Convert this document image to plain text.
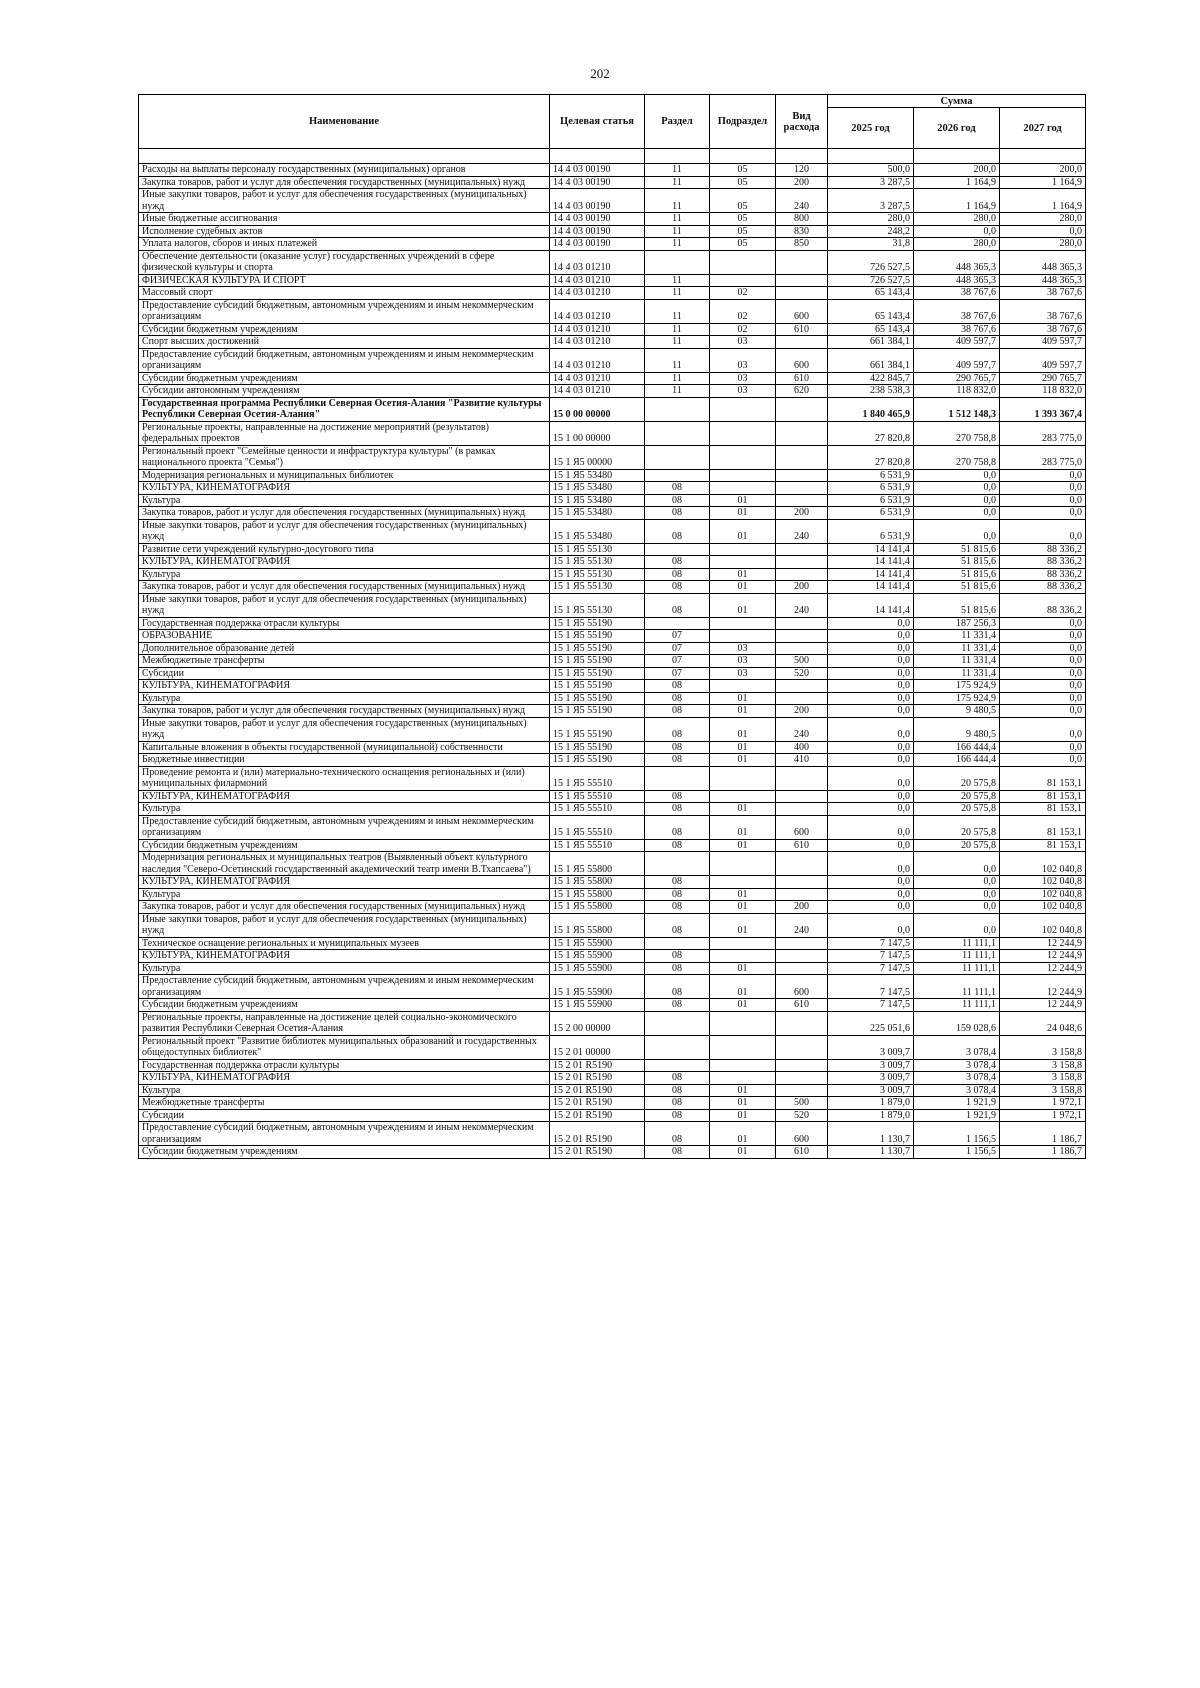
202
Наименование	Целевая статья	Раздел	Подраздел	Вид расхода	Сумма		
					2025 год	2026 год	2027 год

Расходы на выплаты персоналу государственных (муниципальных) органов	14 4 03 00190	11	05	120	500,0	200,0	200,0
Закупка товаров, работ и услуг для обеспечения государственных (муниципальных) нужд	14 4 03 00190	11	05	200	3 287,5	1 164,9	1 164,9
Иные закупки товаров, работ и услуг для обеспечения государственных (муниципальных) нужд	14 4 03 00190	11	05	240	3 287,5	1 164,9	1 164,9
Иные бюджетные ассигнования	14 4 03 00190	11	05	800	280,0	280,0	280,0
Исполнение судебных актов	14 4 03 00190	11	05	830	248,2	0,0	0,0
Уплата налогов, сборов и иных платежей	14 4 03 00190	11	05	850	31,8	280,0	280,0
Обеспечение деятельности (оказание услуг) государственных учреждений в сфере физической культуры и спорта	14 4 03 01210				726 527,5	448 365,3	448 365,3
ФИЗИЧЕСКАЯ КУЛЬТУРА И СПОРТ	14 4 03 01210	11			726 527,5	448 365,3	448 365,3
Массовый спорт	14 4 03 01210	11	02		65 143,4	38 767,6	38 767,6
Предоставление субсидий бюджетным, автономным учреждениям и иным некоммерческим организациям	14 4 03 01210	11	02	600	65 143,4	38 767,6	38 767,6
Субсидии бюджетным учреждениям	14 4 03 01210	11	02	610	65 143,4	38 767,6	38 767,6
Спорт высших достижений	14 4 03 01210	11	03		661 384,1	409 597,7	409 597,7
Предоставление субсидий бюджетным, автономным учреждениям и иным некоммерческим организациям	14 4 03 01210	11	03	600	661 384,1	409 597,7	409 597,7
Субсидии бюджетным учреждениям	14 4 03 01210	11	03	610	422 845,7	290 765,7	290 765,7
Субсидии автономным учреждениям	14 4 03 01210	11	03	620	238 538,3	118 832,0	118 832,0
Государственная программа Республики Северная Осетия-Алания "Развитие культуры Республики Северная Осетия-Алания"	15 0 00 00000				1 840 465,9	1 512 148,3	1 393 367,4
Региональные проекты, направленные на достижение мероприятий (результатов) федеральных проектов	15 1 00 00000				27 820,8	270 758,8	283 775,0
Региональный проект "Семейные ценности и инфраструктура культуры" (в рамках национального проекта "Семья")	15 1 Я5 00000				27 820,8	270 758,8	283 775,0
Модернизация региональных и муниципальных библиотек	15 1 Я5 53480				6 531,9	0,0	0,0
КУЛЬТУРА, КИНЕМАТОГРАФИЯ	15 1 Я5 53480	08			6 531,9	0,0	0,0
Культура	15 1 Я5 53480	08	01		6 531,9	0,0	0,0
Закупка товаров, работ и услуг для обеспечения государственных (муниципальных) нужд	15 1 Я5 53480	08	01	200	6 531,9	0,0	0,0
Иные закупки товаров, работ и услуг для обеспечения государственных (муниципальных) нужд	15 1 Я5 53480	08	01	240	6 531,9	0,0	0,0
Развитие сети учреждений культурно-досугового типа	15 1 Я5 55130				14 141,4	51 815,6	88 336,2
КУЛЬТУРА, КИНЕМАТОГРАФИЯ	15 1 Я5 55130	08			14 141,4	51 815,6	88 336,2
Культура	15 1 Я5 55130	08	01		14 141,4	51 815,6	88 336,2
Закупка товаров, работ и услуг для обеспечения государственных (муниципальных) нужд	15 1 Я5 55130	08	01	200	14 141,4	51 815,6	88 336,2
Иные закупки товаров, работ и услуг для обеспечения государственных (муниципальных) нужд	15 1 Я5 55130	08	01	240	14 141,4	51 815,6	88 336,2
Государственная поддержка отрасли культуры	15 1 Я5 55190				0,0	187 256,3	0,0
ОБРАЗОВАНИЕ	15 1 Я5 55190	07			0,0	11 331,4	0,0
Дополнительное образование детей	15 1 Я5 55190	07	03		0,0	11 331,4	0,0
Межбюджетные трансферты	15 1 Я5 55190	07	03	500	0,0	11 331,4	0,0
Субсидии	15 1 Я5 55190	07	03	520	0,0	11 331,4	0,0
КУЛЬТУРА, КИНЕМАТОГРАФИЯ	15 1 Я5 55190	08			0,0	175 924,9	0,0
Культура	15 1 Я5 55190	08	01		0,0	175 924,9	0,0
Закупка товаров, работ и услуг для обеспечения государственных (муниципальных) нужд	15 1 Я5 55190	08	01	200	0,0	9 480,5	0,0
Иные закупки товаров, работ и услуг для обеспечения государственных (муниципальных) нужд	15 1 Я5 55190	08	01	240	0,0	9 480,5	0,0
Капитальные вложения в объекты государственной (муниципальной) собственности	15 1 Я5 55190	08	01	400	0,0	166 444,4	0,0
Бюджетные инвестиции	15 1 Я5 55190	08	01	410	0,0	166 444,4	0,0
Проведение ремонта и (или) материально-технического оснащения региональных и (или) муниципальных филармоний	15 1 Я5 55510				0,0	20 575,8	81 153,1
КУЛЬТУРА, КИНЕМАТОГРАФИЯ	15 1 Я5 55510	08			0,0	20 575,8	81 153,1
Культура	15 1 Я5 55510	08	01		0,0	20 575,8	81 153,1
Предоставление субсидий бюджетным, автономным учреждениям и иным некоммерческим организациям	15 1 Я5 55510	08	01	600	0,0	20 575,8	81 153,1
Субсидии бюджетным учреждениям	15 1 Я5 55510	08	01	610	0,0	20 575,8	81 153,1
Модернизация региональных и муниципальных театров (Выявленный объект культурного наследия "Северо-Осетинский государственный академический театр имени В.Тхапсаева")	15 1 Я5 55800				0,0	0,0	102 040,8
КУЛЬТУРА, КИНЕМАТОГРАФИЯ	15 1 Я5 55800	08			0,0	0,0	102 040,8
Культура	15 1 Я5 55800	08	01		0,0	0,0	102 040,8
Закупка товаров, работ и услуг для обеспечения государственных (муниципальных) нужд	15 1 Я5 55800	08	01	200	0,0	0,0	102 040,8
Иные закупки товаров, работ и услуг для обеспечения государственных (муниципальных) нужд	15 1 Я5 55800	08	01	240	0,0	0,0	102 040,8
Техническое оснащение региональных и муниципальных музеев	15 1 Я5 55900				7 147,5	11 111,1	12 244,9
КУЛЬТУРА, КИНЕМАТОГРАФИЯ	15 1 Я5 55900	08			7 147,5	11 111,1	12 244,9
Культура	15 1 Я5 55900	08	01		7 147,5	11 111,1	12 244,9
Предоставление субсидий бюджетным, автономным учреждениям и иным некоммерческим организациям	15 1 Я5 55900	08	01	600	7 147,5	11 111,1	12 244,9
Субсидии бюджетным учреждениям	15 1 Я5 55900	08	01	610	7 147,5	11 111,1	12 244,9
Региональные проекты, направленные на достижение целей социально-экономического развития Республики Северная Осетия-Алания	15 2 00 00000				225 051,6	159 028,6	24 048,6
Региональный проект "Развитие библиотек муниципальных образований и государственных общедоступных библиотек"	15 2 01 00000				3 009,7	3 078,4	3 158,8
Государственная поддержка отрасли культуры	15 2 01 R5190				3 009,7	3 078,4	3 158,8
КУЛЬТУРА, КИНЕМАТОГРАФИЯ	15 2 01 R5190	08			3 009,7	3 078,4	3 158,8
Культура	15 2 01 R5190	08	01		3 009,7	3 078,4	3 158,8
Межбюджетные трансферты	15 2 01 R5190	08	01	500	1 879,0	1 921,9	1 972,1
Субсидии	15 2 01 R5190	08	01	520	1 879,0	1 921,9	1 972,1
Предоставление субсидий бюджетным, автономным учреждениям и иным некоммерческим организациям	15 2 01 R5190	08	01	600	1 130,7	1 156,5	1 186,7
Субсидии бюджетным учреждениям	15 2 01 R5190	08	01	610	1 130,7	1 156,5	1 186,7
